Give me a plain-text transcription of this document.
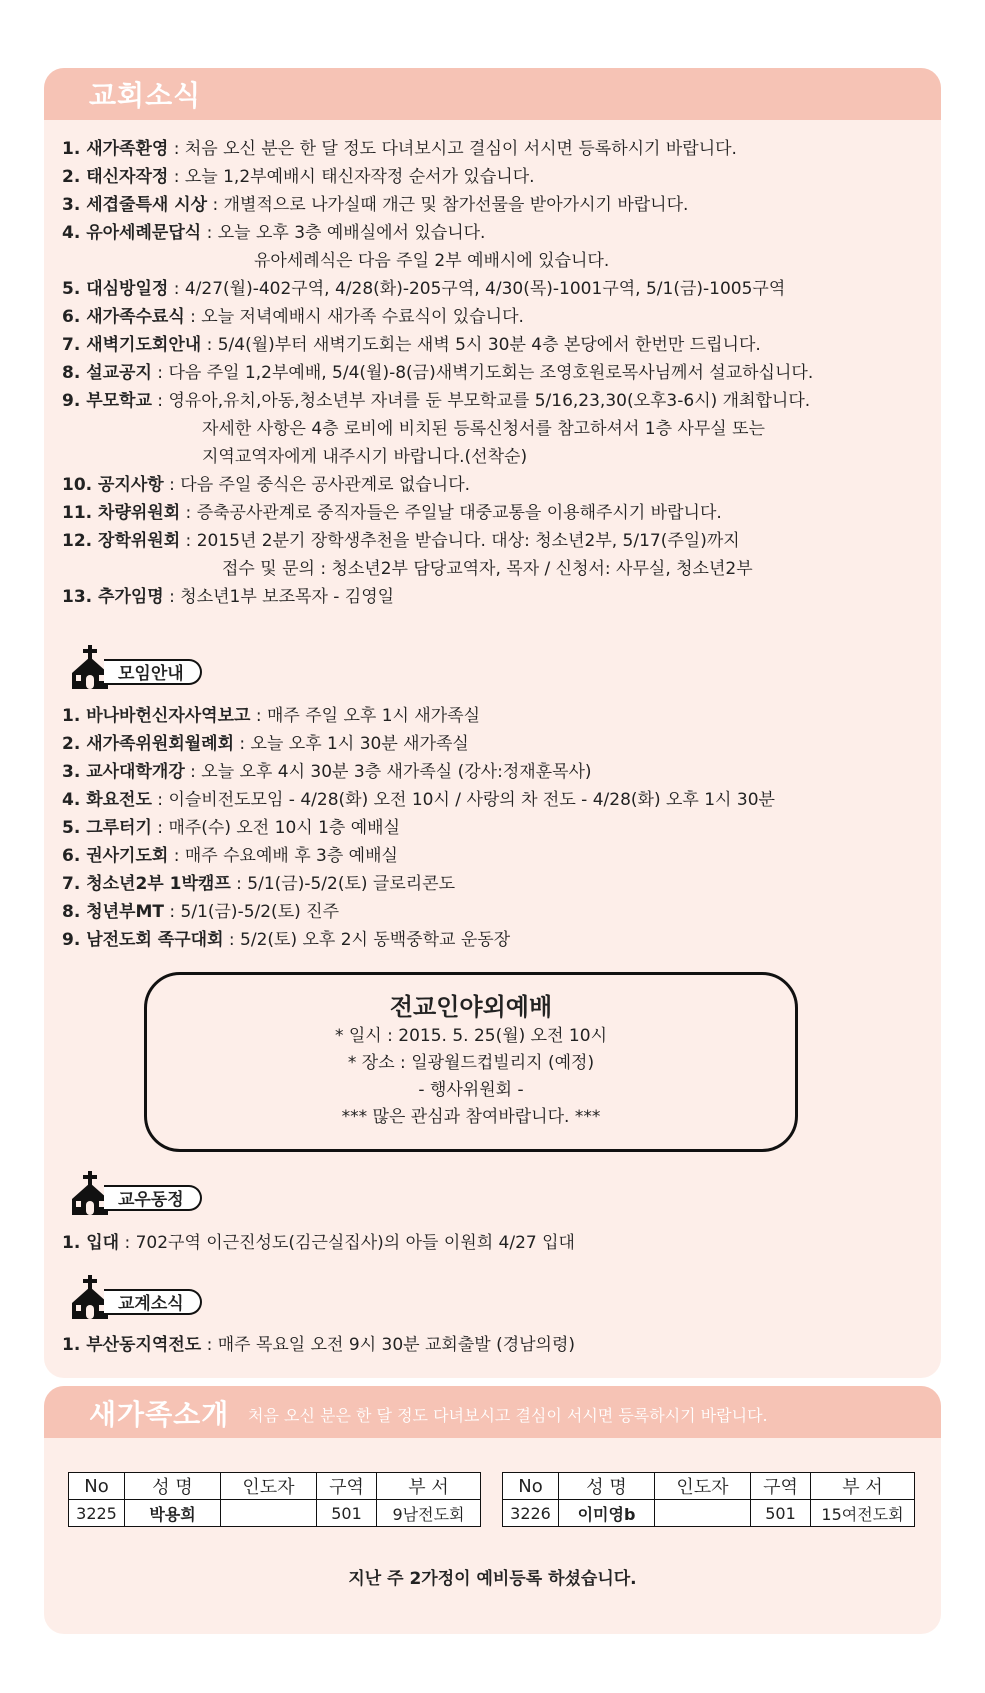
교회소식
1. 새가족환영 : 처음 오신 분은 한 달 정도 다녀보시고 결심이 서시면 등록하시기 바랍니다.
2. 태신자작정 : 오늘 1,2부예배시 태신자작정 순서가 있습니다.
3. 세겹줄특새 시상 : 개별적으로 나가실때 개근 및 참가선물을 받아가시기 바랍니다.
4. 유아세례문답식 : 오늘 오후 3층 예배실에서 있습니다.
유아세례식은 다음 주일 2부 예배시에 있습니다.
5. 대심방일정 : 4/27(월)-402구역, 4/28(화)-205구역, 4/30(목)-1001구역, 5/1(금)-1005구역
6. 새가족수료식 : 오늘 저녁예배시 새가족 수료식이 있습니다.
7. 새벽기도회안내 : 5/4(월)부터 새벽기도회는 새벽 5시 30분 4층 본당에서 한번만 드립니다.
8. 설교공지 : 다음 주일 1,2부예배, 5/4(월)-8(금)새벽기도회는 조영호원로목사님께서 설교하십니다.
9. 부모학교 : 영유아,유치,아동,청소년부 자녀를 둔 부모학교를 5/16,23,30(오후3-6시) 개최합니다.
자세한 사항은 4층 로비에 비치된 등록신청서를 참고하셔서 1층 사무실 또는
지역교역자에게 내주시기 바랍니다.(선착순)
10. 공지사항 : 다음 주일 중식은 공사관계로 없습니다.
11. 차량위원회 : 증축공사관계로 중직자들은 주일날 대중교통을 이용해주시기 바랍니다.
12. 장학위원회 : 2015년 2분기 장학생추천을 받습니다. 대상: 청소년2부, 5/17(주일)까지
접수 및 문의 : 청소년2부 담당교역자, 목자 / 신청서: 사무실, 청소년2부
13. 추가임명 : 청소년1부 보조목자 - 김영일
모임안내
1. 바나바헌신자사역보고 : 매주 주일 오후 1시 새가족실
2. 새가족위원회월례회 : 오늘 오후 1시 30분 새가족실
3. 교사대학개강 : 오늘 오후 4시 30분 3층 새가족실 (강사:정재훈목사)
4. 화요전도 : 이슬비전도모임 - 4/28(화) 오전 10시 / 사랑의 차 전도 - 4/28(화) 오후 1시 30분
5. 그루터기 : 매주(수) 오전 10시 1층 예배실
6. 권사기도회 : 매주 수요예배 후 3층 예배실
7. 청소년2부 1박캠프 : 5/1(금)-5/2(토) 글로리콘도
8. 청년부MT : 5/1(금)-5/2(토) 진주
9. 남전도회 족구대회 : 5/2(토) 오후 2시 동백중학교 운동장
전교인야외예배
* 일시 : 2015. 5. 25(월) 오전 10시
* 장소 : 일광월드컵빌리지 (예정)
- 행사위원회 -
*** 많은 관심과 참여바랍니다. ***
교우동정
1. 입대 : 702구역 이근진성도(김근실집사)의 아들 이원희 4/27 입대
교계소식
1. 부산동지역전도 : 매주 목요일 오전 9시 30분 교회출발 (경남의령)
새가족소개 처음 오신 분은 한 달 정도 다녀보시고 결심이 서시면 등록하시기 바랍니다.
No	성 명	인도자	구역	부 서
3225	박용희		501	9남전도회
No	성 명	인도자	구역	부 서
3226	이미영b		501	15여전도회
지난 주 2가정이 예비등록 하셨습니다.
